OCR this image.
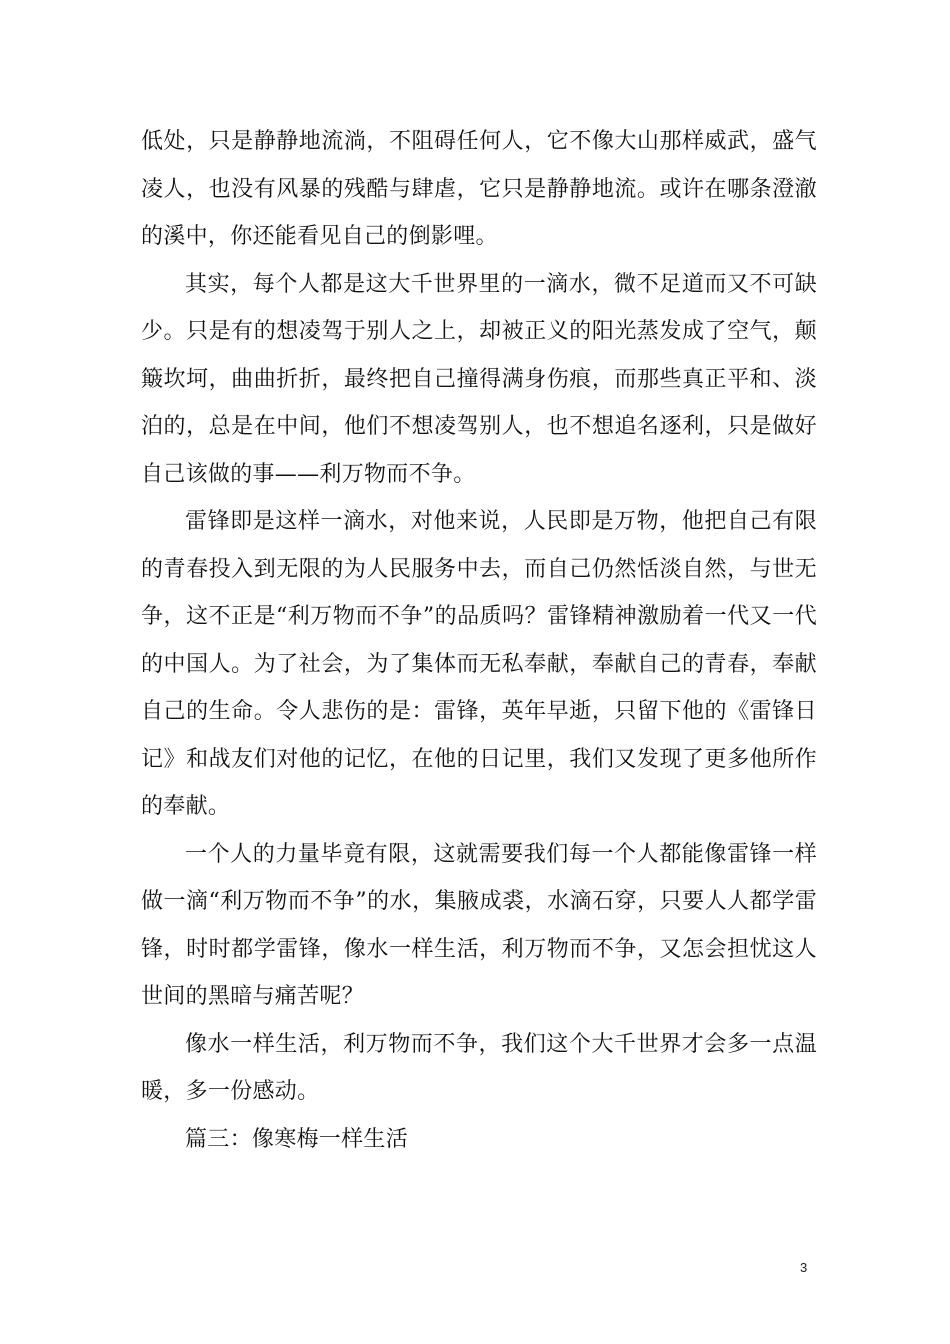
低处，只是静静地流淌，不阻碍任何人，它不像大山那样威武，盛气凌人，也没有风暴的残酷与肆虐，它只是静静地流。或许在哪条澄澈的溪中，你还能看见自己的倒影哩。

其实，每个人都是这大千世界里的一滴水，微不足道而又不可缺少。只是有的想凌驾于别人之上，却被正义的阳光蒸发成了空气，颠簸坎坷，曲曲折折，最终把自己撞得满身伤痕，而那些真正平和、淡泊的，总是在中间，他们不想凌驾别人，也不想追名逐利，只是做好自己该做的事——利万物而不争。

雷锋即是这样一滴水，对他来说，人民即是万物，他把自己有限的青春投入到无限的为人民服务中去，而自己仍然恬淡自然，与世无争，这不正是“利万物而不争”的品质吗？雷锋精神激励着一代又一代的中国人。为了社会，为了集体而无私奉献，奉献自己的青春，奉献自己的生命。令人悲伤的是：雷锋，英年早逝，只留下他的《雷锋日记》和战友们对他的记忆，在他的日记里，我们又发现了更多他所作的奉献。

一个人的力量毕竟有限，这就需要我们每一个人都能像雷锋一样做一滴“利万物而不争”的水，集腋成裘，水滴石穿，只要人人都学雷锋，时时都学雷锋，像水一样生活，利万物而不争，又怎会担忧这人世间的黑暗与痛苦呢？

像水一样生活，利万物而不争，我们这个大千世界才会多一点温暖，多一份感动。

篇三：像寒梅一样生活

3
